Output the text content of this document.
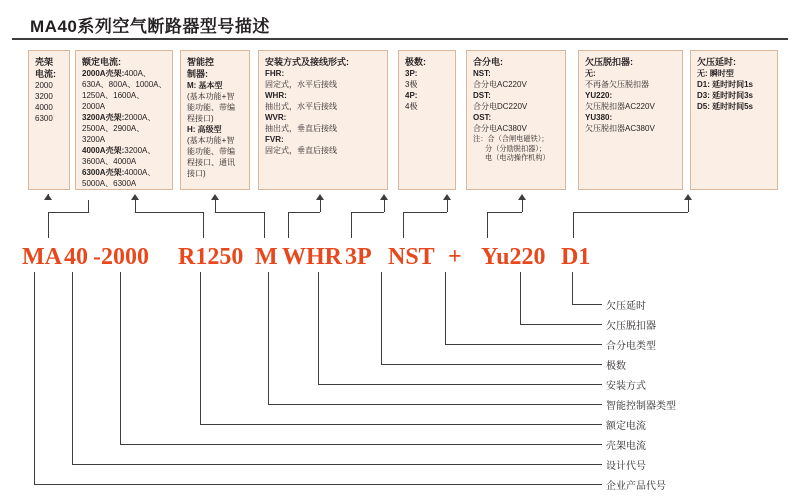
MA40系列空气断路器型号描述
壳架
电流:
2000
3200
4000
6300
额定电流:
2000A壳架:400A、
630A、800A、1000A、
1250A、1600A、2000A
3200A壳架:2000A、
2500A、2900A、3200A
4000A壳架:3200A、
3600A、4000A
6300A壳架:4000A、
5000A、6300A
智能控
制器:
M: 基本型
(基本功能+智
能功能、带编
程接口)
H: 高级型
(基本功能+智
能功能、带编
程接口、通讯
接口)
安装方式及接线形式:
FHR:
固定式，水平后接线
WHR:
抽出式，水平后接线
WVR:
抽出式，垂直后接线
FVR:
固定式，垂直后接线
极数:
3P:
3极
4P:
4极
合分电:
NST:
合分电AC220V
DST:
合分电DC220V
OST:
合分电AC380V
注：合（合闸电磁铁）；
分（分励脱扣器）；
电（电动操作机构）
欠压脱扣器:
无:
不再备欠压脱扣器
YU220:
欠压脱扣器AC220V
YU380:
欠压脱扣器AC380V
欠压延时:
无: 瞬时型
D1: 延时时间1s
D3: 延时时间3s
D5: 延时时间5s
MA 40 -2000 R1250 M WHR 3P NST + Yu220 D1
欠压延时
欠压脱扣器
合分电类型
极数
安装方式
智能控制器类型
额定电流
壳架电流
设计代号
企业产品代号
